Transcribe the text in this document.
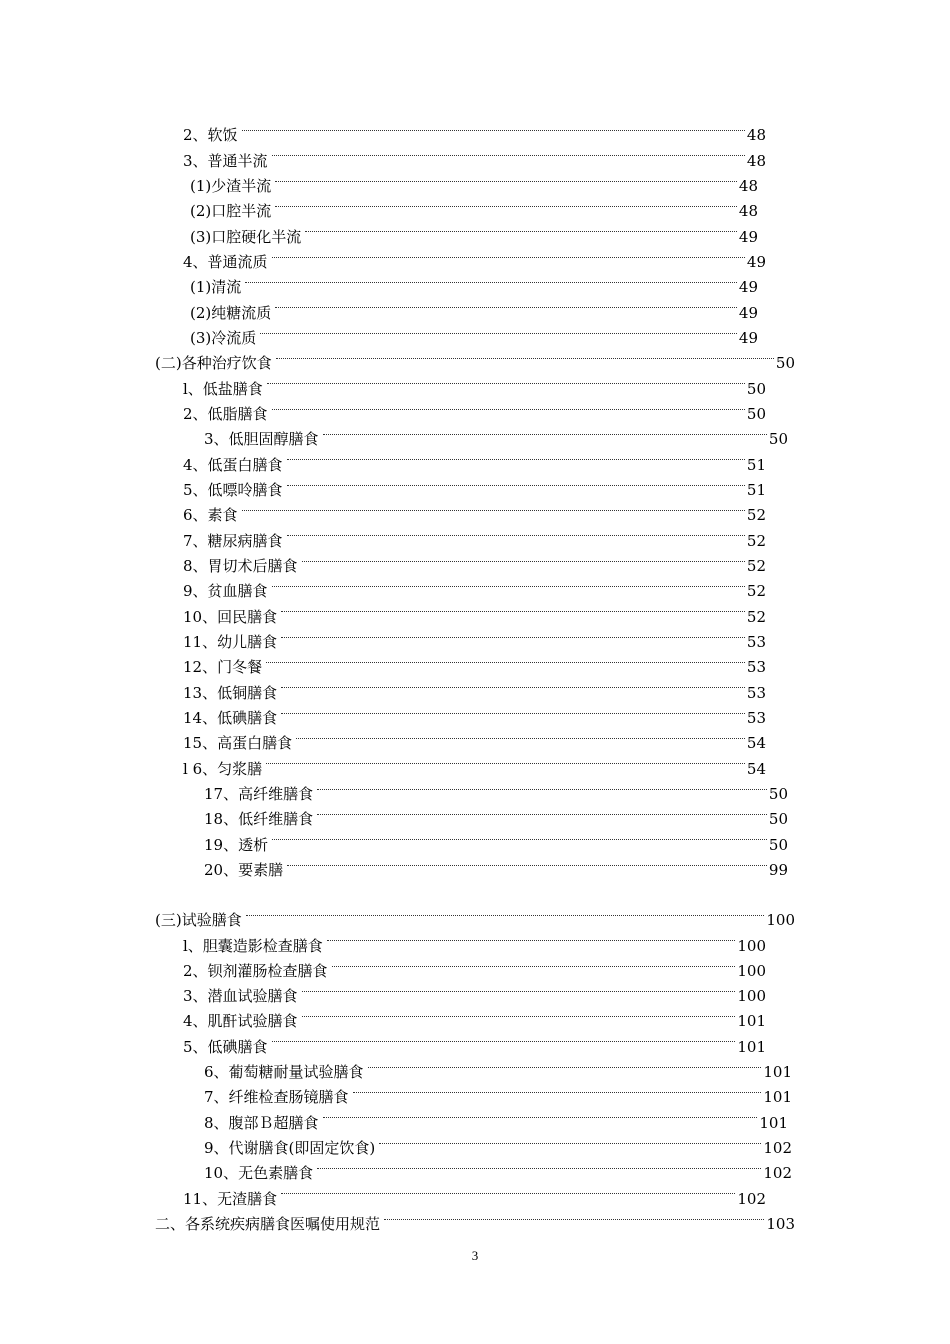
2、软饭	48
3、普通半流	48
(1)少渣半流	48
(2)口腔半流	48
(3)口腔硬化半流	49
4、普通流质	49
(1)清流	49
(2)纯糖流质	49
(3)冷流质	49
(二)各种治疗饮食	50
l、低盐膳食	50
2、低脂膳食	50
3、低胆固醇膳食	50
4、低蛋白膳食	51
5、低嘌呤膳食	51
6、素食	52
7、糖尿病膳食	52
8、胃切术后膳食	52
9、贫血膳食	52
10、回民膳食	52
11、幼儿膳食	53
12、门冬餐	53
13、低铜膳食	53
14、低碘膳食	53
15、高蛋白膳食	54
l 6、匀浆膳	54
17、高纤维膳食	50
18、低纤维膳食	50
19、透析	50
20、要素膳	99
(三)试验膳食	100
l、胆囊造影检查膳食	100
2、钡剂灌肠检查膳食	100
3、潜血试验膳食	100
4、肌酐试验膳食	101
5、低碘膳食	101
6、葡萄糖耐量试验膳食	101
7、纤维检查肠镜膳食	101
8、腹部Ｂ超膳食	101
9、代谢膳食(即固定饮食)	102
10、无色素膳食	102
11、无渣膳食	102
二、各系统疾病膳食医嘱使用规范	103
3
